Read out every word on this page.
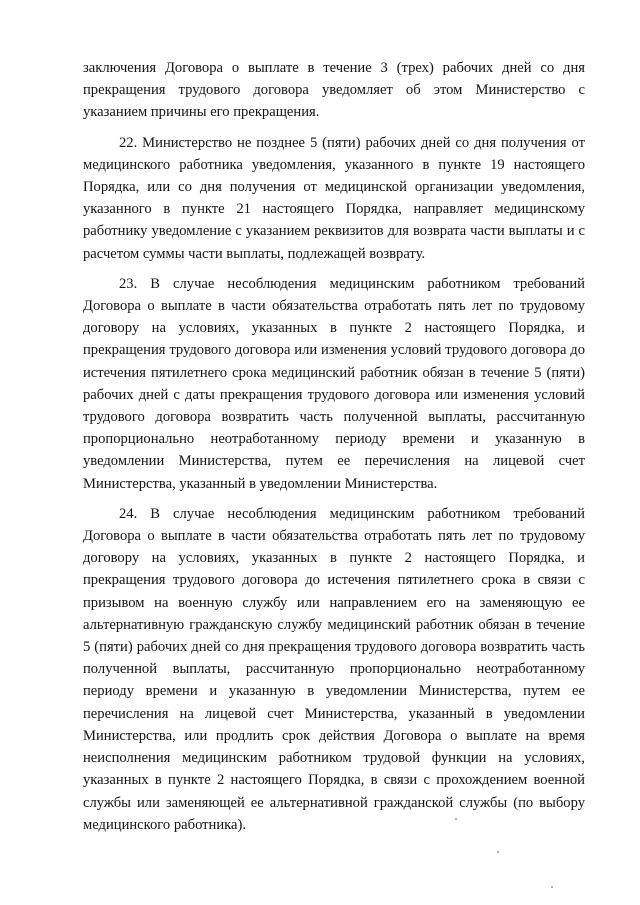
заключения Договора о выплате в течение 3 (трех) рабочих дней со дня прекращения трудового договора уведомляет об этом Министерство с указанием причины его прекращения.

22. Министерство не позднее 5 (пяти) рабочих дней со дня получения от медицинского работника уведомления, указанного в пункте 19 настоящего Порядка, или со дня получения от медицинской организации уведомления, указанного в пункте 21 настоящего Порядка, направляет медицинскому работнику уведомление с указанием реквизитов для возврата части выплаты и с расчетом суммы части выплаты, подлежащей возврату.

23. В случае несоблюдения медицинским работником требований Договора о выплате в части обязательства отработать пять лет по трудовому договору на условиях, указанных в пункте 2 настоящего Порядка, и прекращения трудового договора или изменения условий трудового договора до истечения пятилетнего срока медицинский работник обязан в течение 5 (пяти) рабочих дней с даты прекращения трудового договора или изменения условий трудового договора возвратить часть полученной выплаты, рассчитанную пропорционально неотработанному периоду времени и указанную в уведомлении Министерства, путем ее перечисления на лицевой счет Министерства, указанный в уведомлении Министерства.

24. В случае несоблюдения медицинским работником требований Договора о выплате в части обязательства отработать пять лет по трудовому договору на условиях, указанных в пункте 2 настоящего Порядка, и прекращения трудового договора до истечения пятилетнего срока в связи с призывом на военную службу или направлением его на заменяющую ее альтернативную гражданскую службу медицинский работник обязан в течение 5 (пяти) рабочих дней со дня прекращения трудового договора возвратить часть полученной выплаты, рассчитанную пропорционально неотработанному периоду времени и указанную в уведомлении Министерства, путем ее перечисления на лицевой счет Министерства, указанный в уведомлении Министерства, или продлить срок действия Договора о выплате на время неисполнения медицинским работником трудовой функции на условиях, указанных в пункте 2 настоящего Порядка, в связи с прохождением военной службы или заменяющей ее альтернативной гражданской службы (по выбору медицинского работника).
